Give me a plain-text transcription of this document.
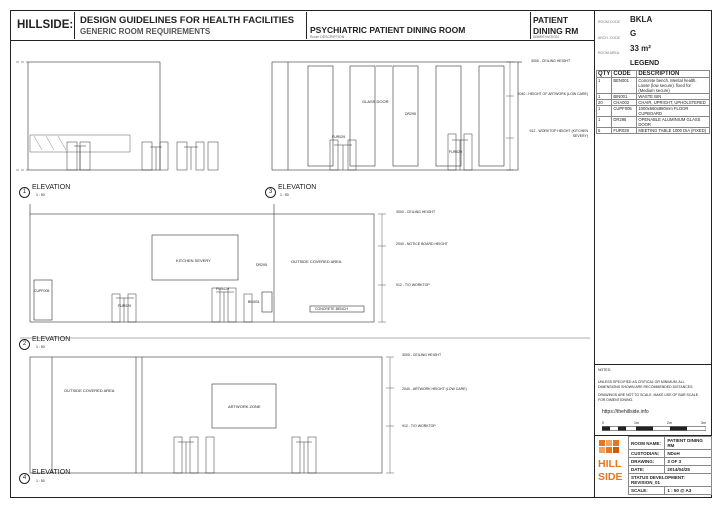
HILLSIDE: DESIGN GUIDELINES FOR HEALTH FACILITIES
GENERIC ROOM REQUIREMENTS	PSYCHIATRIC PATIENT DINING ROOM
Room DESCRIPTION
PATIENT DINING RM
ABBREVIATION
ROOM CODE BKLA
ARCH. CODE G
ROOM AREA 33 m²
LEGEND
QTY	CODE	DESCRIPTION
1	BEN001	Concrete bench. Mental health. Loose (low secure). fixed for (Medium secure)
1	BIN001	WASTE BIN
20	CHA002	CHAIR, UPRIGHT, UPHOLSTERED
1	CUPF005	1000x560x880mm FLOOR CUPBOARD
1	DR295	OPENABLE ALUMINIUM GLASS DOOR
5	FUR029	MEETING TABLE 1000 DIA (FIXED)
NOTES:
UNLESS SPECIFIED AS CRITICAL OR MINIMUM, ALL DIMENSIONS SHOWN ARE RECOMMENDED DISTANCES.
DRAWINGS ARE NOT TO SCALE, MAKE USE OF BAR SCALE FOR DIMENTIONING.
https://thehillside.info
0	1m	2m	3m
HILL
SIDE
ROOM NAME:	PATIENT DINING RM
CUSTODIAN:	NDoH
DRAWING:	3 OF 3
DATE:	2014/04/25
STATUS DEVELOPMENT: REVISION_01	
SCALE:	1 : 50 @ A3
1
ELEVATION
1 : 50	3
ELEVATION
1 : 50
2
ELEVATION
1 : 50
4
ELEVATION
1 : 50
GLASS DOOR
DR295
FUR029
FUR029
KITCHEN SEVERY	OUTSIDE COVERED AREA
CONCRETE BENCH
CUPF005
FUR029
FUR029
BIN001
DR295
OUTSIDE COVERED AREA
ARTWORK ZONE
3000 - CEILING HEIGHT
2040 - HEIGHT OF ARTWORK (LOW CARE)
912 - WORKTOP HEIGHT (KITCHEN SEVERY)
3000 - CEILING HEIGHT
2040 - NOTICE BOARD HEIGHT
912 - T/O WORKTOP
3000 - CEILING HEIGHT
2040 - ARTWORK HEIGHT (LOW CARE)
912 - T/O WORKTOP
